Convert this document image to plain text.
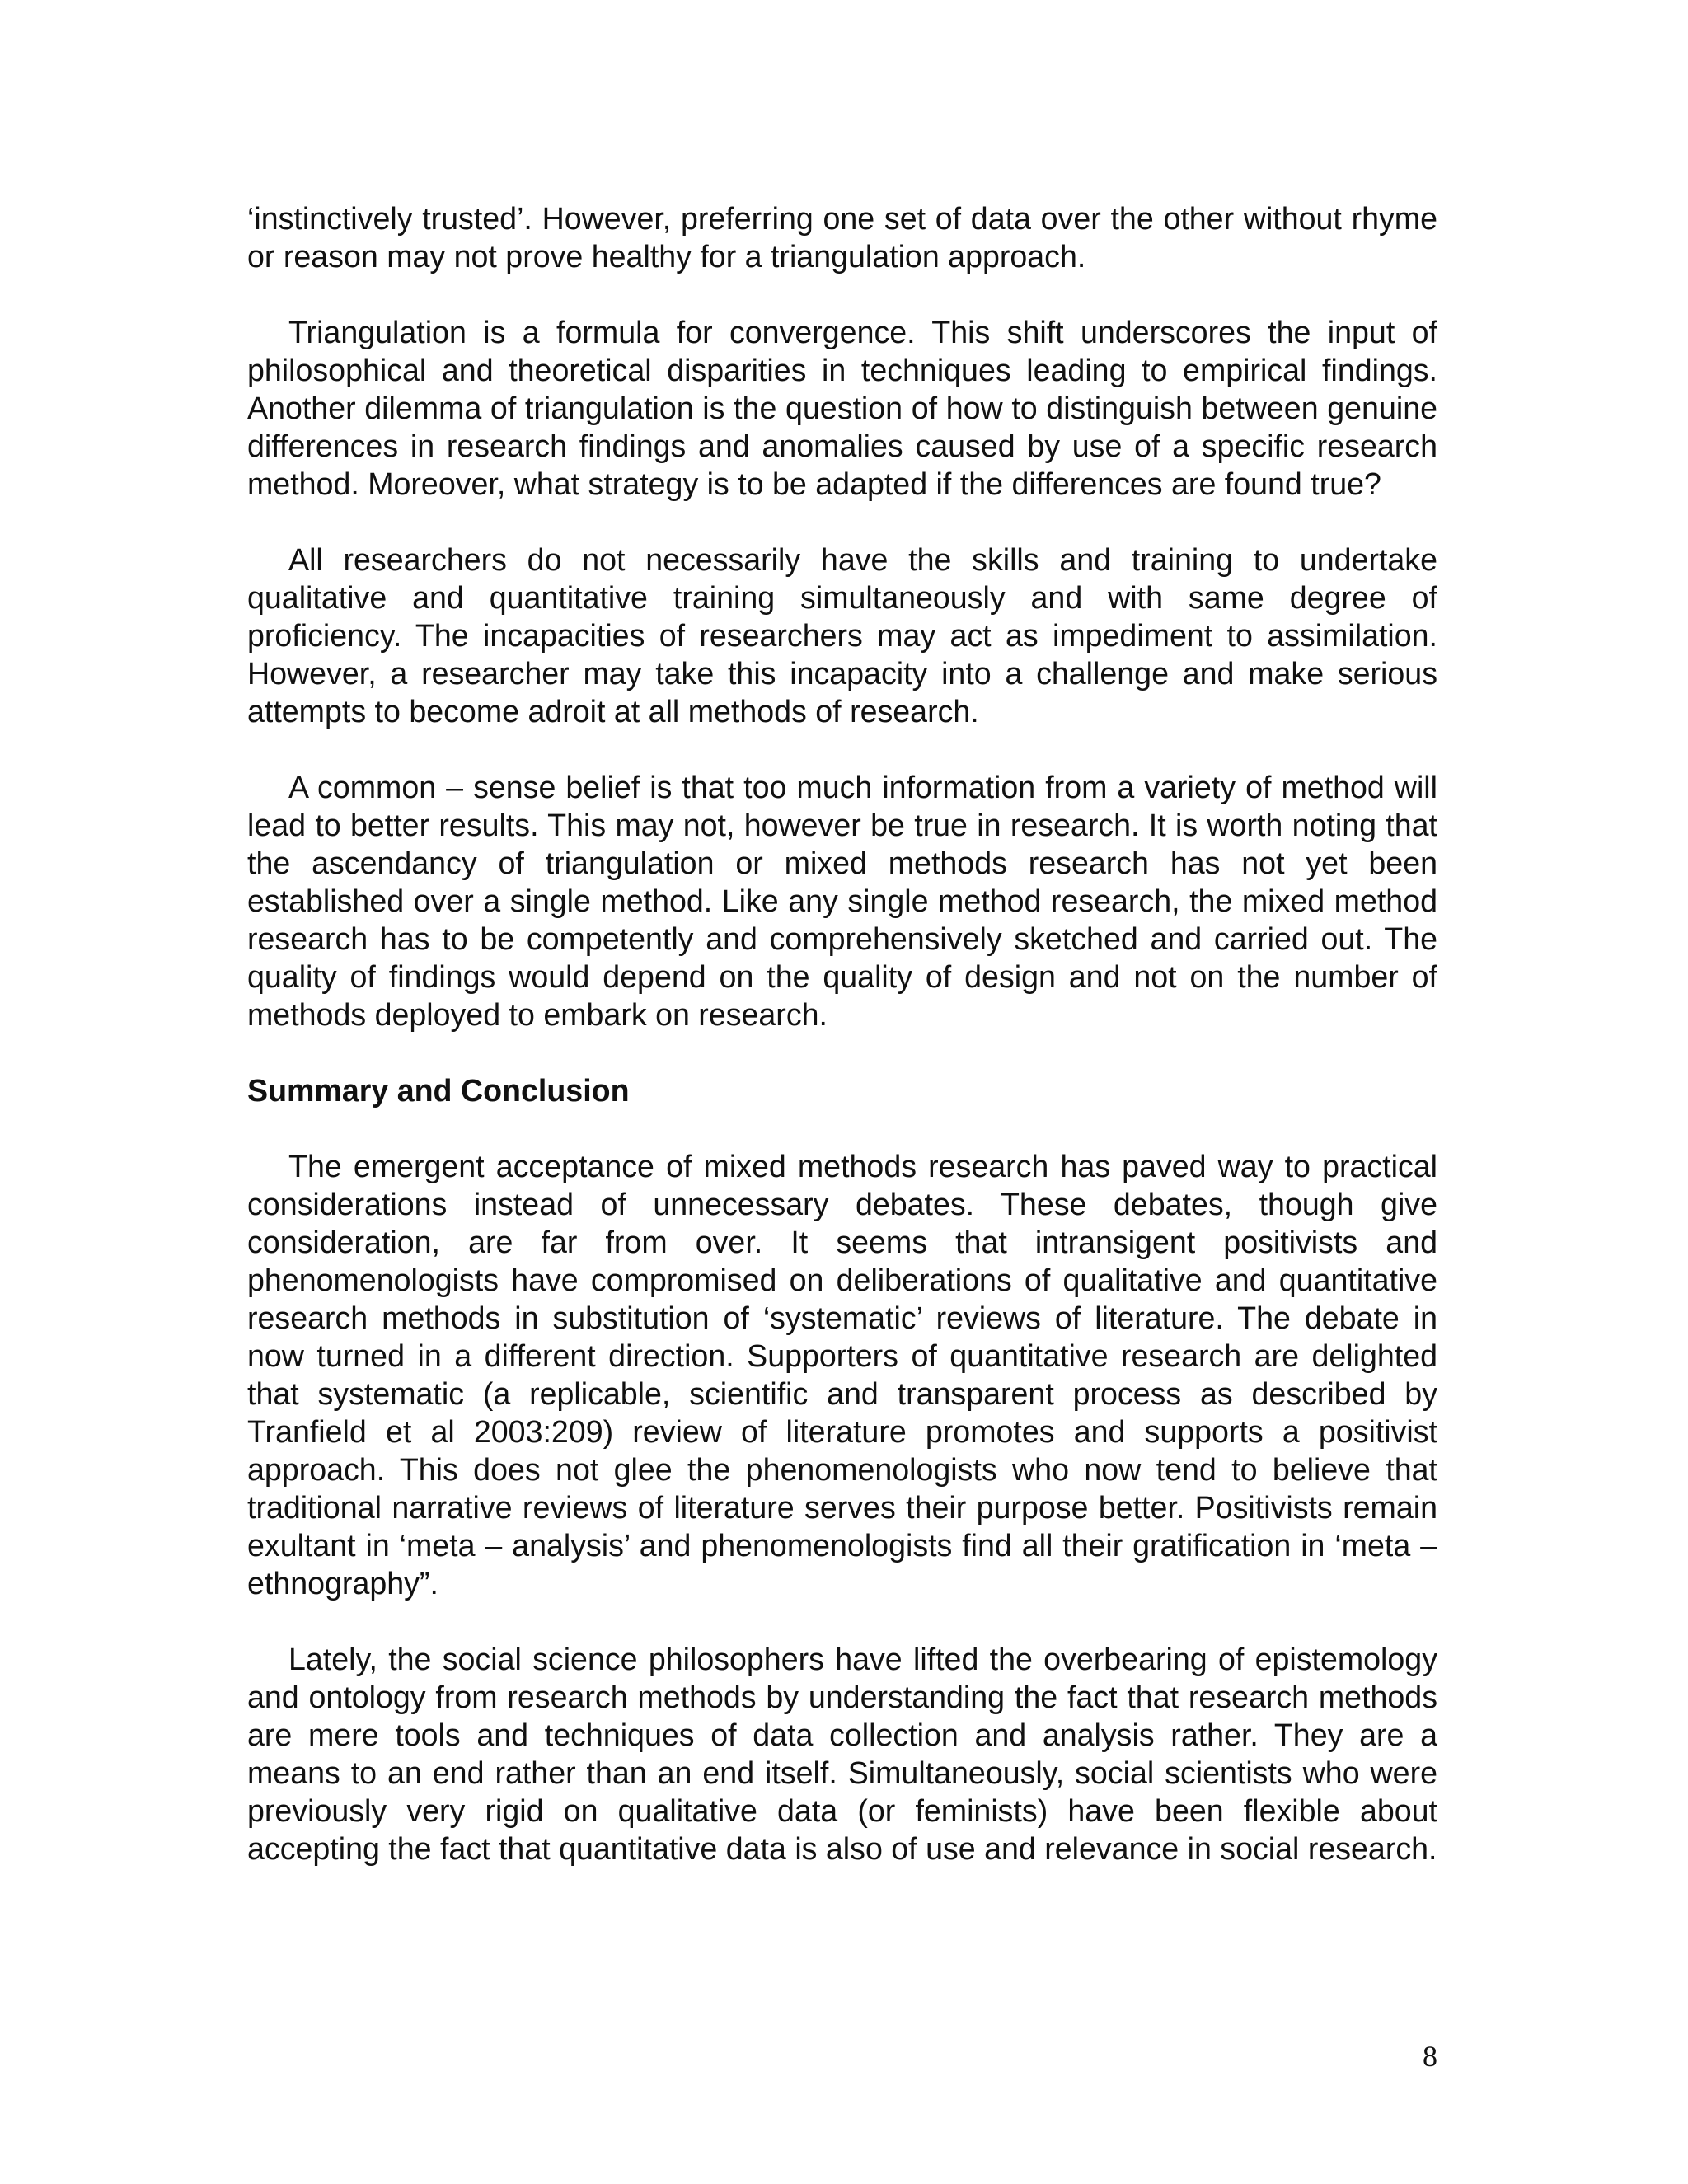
‘instinctively trusted’. However, preferring one set of data over the other without rhyme or reason may not prove healthy for a triangulation approach.

Triangulation is a formula for convergence. This shift underscores the input of philosophical and theoretical disparities in techniques leading to empirical findings. Another dilemma of triangulation is the question of how to distinguish between genuine differences in research findings and anomalies caused by use of a specific research method. Moreover, what strategy is to be adapted if the differences are found true?

All researchers do not necessarily have the skills and training to undertake qualitative and quantitative training simultaneously and with same degree of proficiency. The incapacities of researchers may act as impediment to assimilation. However, a researcher may take this incapacity into a challenge and make serious attempts to become adroit at all methods of research.

A common – sense belief is that too much information from a variety of method will lead to better results. This may not, however be true in research. It is worth noting that the ascendancy of triangulation or mixed methods research has not yet been established over a single method. Like any single method research, the mixed method research has to be competently and comprehensively sketched and carried out. The quality of findings would depend on the quality of design and not on the number of methods deployed to embark on research.

Summary and Conclusion

The emergent acceptance of mixed methods research has paved way to practical considerations instead of unnecessary debates. These debates, though give consideration, are far from over. It seems that intransigent positivists and phenomenologists have compromised on deliberations of qualitative and quantitative research methods in substitution of ‘systematic’ reviews of literature. The debate in now turned in a different direction. Supporters of quantitative research are delighted that systematic (a replicable, scientific and transparent process as described by Tranfield et al 2003:209) review of literature promotes and supports a positivist approach. This does not glee the phenomenologists who now tend to believe that traditional narrative reviews of literature serves their purpose better. Positivists remain exultant in ‘meta – analysis’ and phenomenologists find all their gratification in ‘meta – ethnography”.

Lately, the social science philosophers have lifted the overbearing of epistemology and ontology from research methods by understanding the fact that research methods are mere tools and techniques of data collection and analysis rather. They are a means to an end rather than an end itself. Simultaneously, social scientists who were previously very rigid on qualitative data (or feminists) have been flexible about accepting the fact that quantitative data is also of use and relevance in social research.

8
